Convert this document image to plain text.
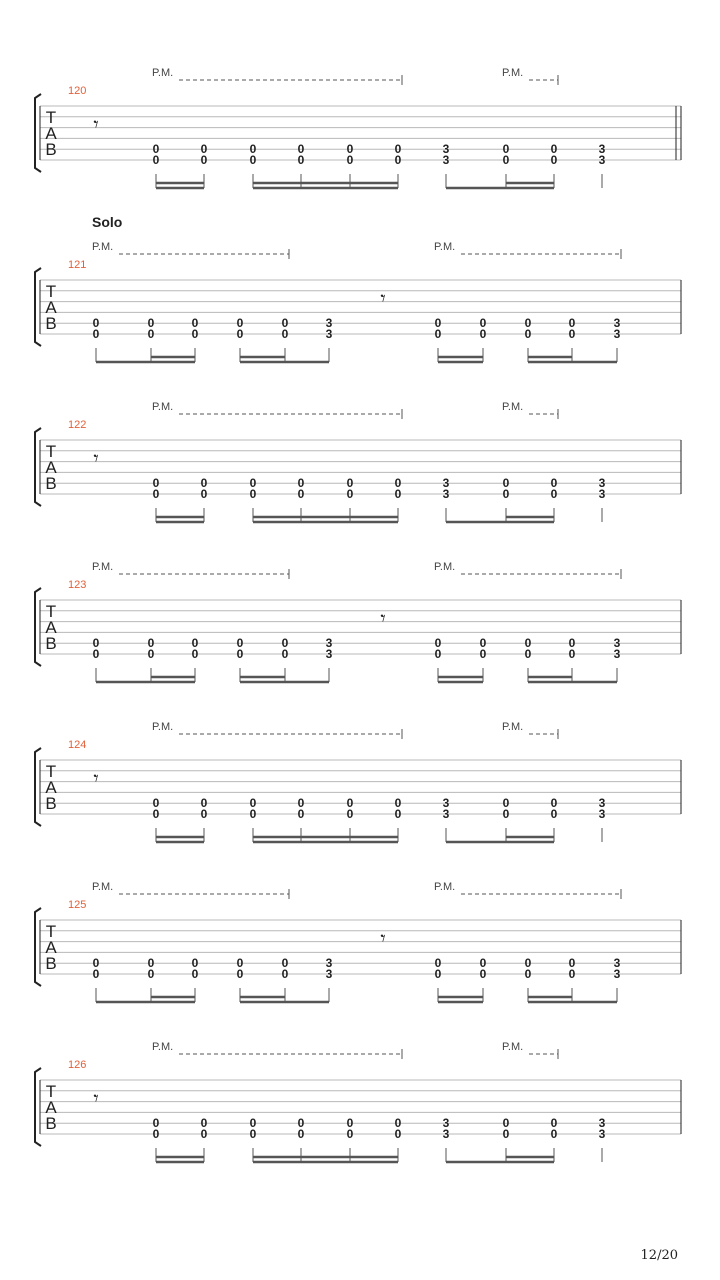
T
A
B
120
P.M.	P.M.
𝄾
0
0
0
0
0
0
0
0
0
0
0
0
3
3
0
0
0
0
3
3
T
A
B
121
Solo
P.M.	P.M.
0
0
0
0
0
0
0
0
0
0
3
3
𝄾
0
0
0
0
0
0
0
0
3
3
T
A
B
122
P.M.	P.M.
𝄾
0
0
0
0
0
0
0
0
0
0
0
0
3
3
0
0
0
0
3
3
T
A
B
123
P.M.	P.M.
0
0
0
0
0
0
0
0
0
0
3
3
𝄾
0
0
0
0
0
0
0
0
3
3
T
A
B
124
P.M.	P.M.
𝄾
0
0
0
0
0
0
0
0
0
0
0
0
3
3
0
0
0
0
3
3
T
A
B
125
P.M.	P.M.
0
0
0
0
0
0
0
0
0
0
3
3
𝄾
0
0
0
0
0
0
0
0
3
3
T
A
B
126
P.M.	P.M.
𝄾
0
0
0
0
0
0
0
0
0
0
0
0
3
3
0
0
0
0
3
3
12/20
